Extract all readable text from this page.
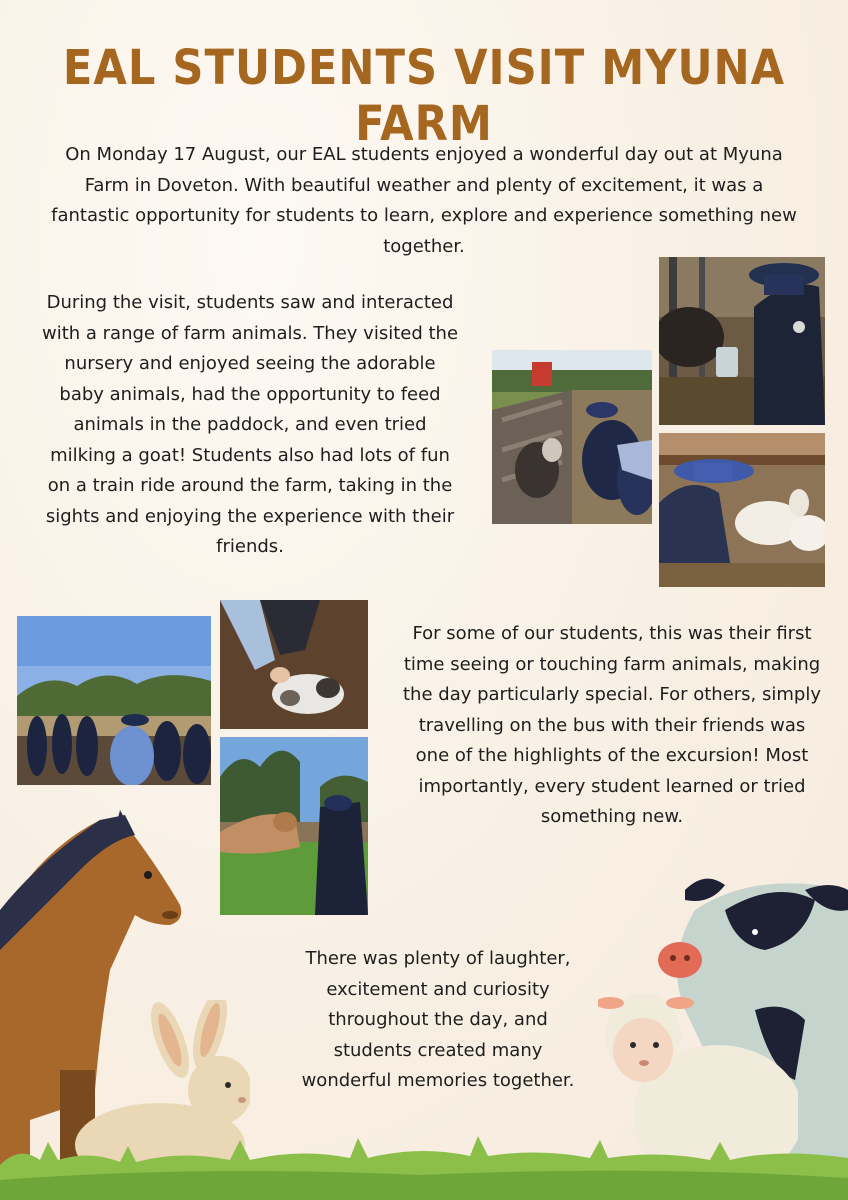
EAL STUDENTS VISIT MYUNA FARM

On Monday 17 August, our EAL students enjoyed a wonderful day out at Myuna Farm in Doveton. With beautiful weather and plenty of excitement, it was a fantastic opportunity for students to learn, explore and experience something new together.

During the visit, students saw and interacted with a range of farm animals. They visited the nursery and enjoyed seeing the adorable baby animals, had the opportunity to feed animals in the paddock, and even tried milking a goat! Students also had lots of fun on a train ride around the farm, taking in the sights and enjoying the experience with their friends.

For some of our students, this was their first time seeing or touching farm animals, making the day particularly special. For others, simply travelling on the bus with their friends was one of the highlights of the excursion! Most importantly, every student learned or tried something new.

There was plenty of laughter, excitement and curiosity throughout the day, and students created many wonderful memories together.
